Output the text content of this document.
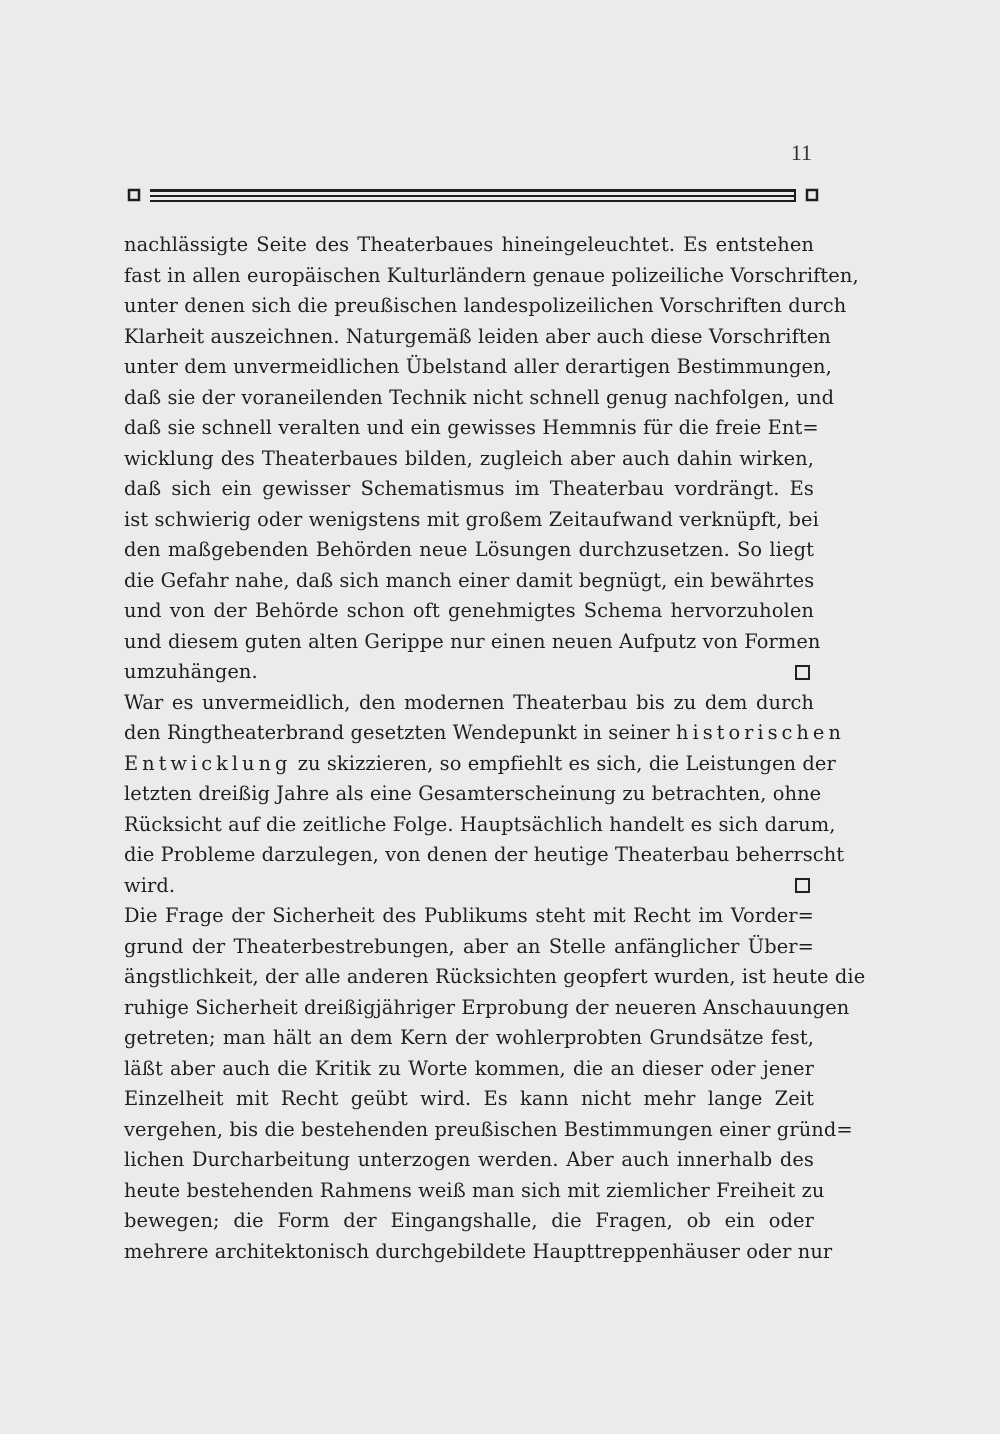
11
nachlässigte Seite des Theaterbaues hineingeleuchtet. Es entstehen
fast in allen europäischen Kulturländern genaue polizeiliche Vorschriften,
unter denen sich die preußischen landespolizeilichen Vorschriften durch
Klarheit auszeichnen. Naturgemäß leiden aber auch diese Vorschriften
unter dem unvermeidlichen Übelstand aller derartigen Bestimmungen,
daß sie der voraneilenden Technik nicht schnell genug nachfolgen, und
daß sie schnell veralten und ein gewisses Hemmnis für die freie Ent=
wicklung des Theaterbaues bilden, zugleich aber auch dahin wirken,
daß sich ein gewisser Schematismus im Theaterbau vordrängt. Es
ist schwierig oder wenigstens mit großem Zeitaufwand verknüpft, bei
den maßgebenden Behörden neue Lösungen durchzusetzen. So liegt
die Gefahr nahe, daß sich manch einer damit begnügt, ein bewährtes
und von der Behörde schon oft genehmigtes Schema hervorzuholen
und diesem guten alten Gerippe nur einen neuen Aufputz von Formen
umzuhängen.
War es unvermeidlich, den modernen Theaterbau bis zu dem durch
den Ringtheaterbrand gesetzten Wendepunkt in seiner historischen
Entwicklung zu skizzieren, so empfiehlt es sich, die Leistungen der
letzten dreißig Jahre als eine Gesamterscheinung zu betrachten, ohne
Rücksicht auf die zeitliche Folge. Hauptsächlich handelt es sich darum,
die Probleme darzulegen, von denen der heutige Theaterbau beherrscht
wird.
Die Frage der Sicherheit des Publikums steht mit Recht im Vorder=
grund der Theaterbestrebungen, aber an Stelle anfänglicher Über=
ängstlichkeit, der alle anderen Rücksichten geopfert wurden, ist heute die
ruhige Sicherheit dreißigjähriger Erprobung der neueren Anschauungen
getreten; man hält an dem Kern der wohlerprobten Grundsätze fest,
läßt aber auch die Kritik zu Worte kommen, die an dieser oder jener
Einzelheit mit Recht geübt wird. Es kann nicht mehr lange Zeit
vergehen, bis die bestehenden preußischen Bestimmungen einer gründ=
lichen Durcharbeitung unterzogen werden. Aber auch innerhalb des
heute bestehenden Rahmens weiß man sich mit ziemlicher Freiheit zu
bewegen; die Form der Eingangshalle, die Fragen, ob ein oder
mehrere architektonisch durchgebildete Haupttreppenhäuser oder nur
